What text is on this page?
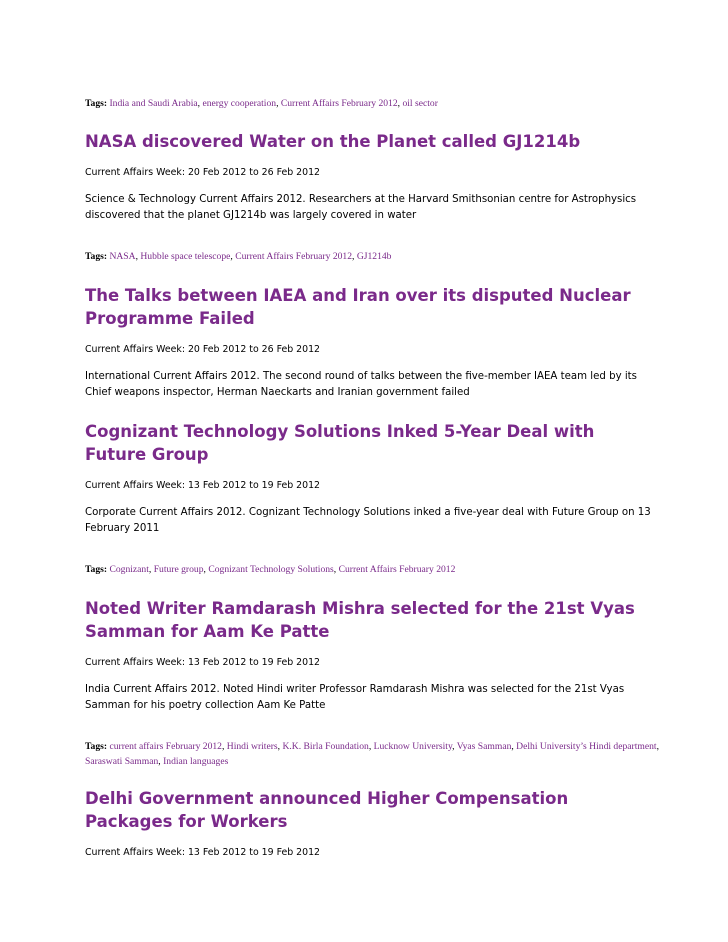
Tags: India and Saudi Arabia, energy cooperation, Current Affairs February 2012, oil sector
NASA discovered Water on the Planet called GJ1214b
Current Affairs Week: 20 Feb 2012 to 26 Feb 2012
Science & Technology Current Affairs 2012. Researchers at the Harvard Smithsonian centre for Astrophysics discovered that the planet GJ1214b was largely covered in water
Tags: NASA, Hubble space telescope, Current Affairs February 2012, GJ1214b
The Talks between IAEA and Iran over its disputed Nuclear Programme Failed
Current Affairs Week: 20 Feb 2012 to 26 Feb 2012
International Current Affairs 2012. The second round of talks between the five-member IAEA team led by its Chief weapons inspector, Herman Naeckarts and Iranian government failed
Cognizant Technology Solutions Inked 5-Year Deal with Future Group
Current Affairs Week: 13 Feb 2012 to 19 Feb 2012
Corporate Current Affairs 2012. Cognizant Technology Solutions inked a five-year deal with Future Group on 13 February 2011
Tags: Cognizant, Future group, Cognizant Technology Solutions, Current Affairs February 2012
Noted Writer Ramdarash Mishra selected for the 21st Vyas Samman for Aam Ke Patte
Current Affairs Week: 13 Feb 2012 to 19 Feb 2012
India Current Affairs 2012. Noted Hindi writer Professor Ramdarash Mishra was selected for the 21st Vyas Samman for his poetry collection Aam Ke Patte
Tags: current affairs February 2012, Hindi writers, K.K. Birla Foundation, Lucknow University, Vyas Samman, Delhi University’s Hindi department, Saraswati Samman, Indian languages
Delhi Government announced Higher Compensation Packages for Workers
Current Affairs Week: 13 Feb 2012 to 19 Feb 2012
